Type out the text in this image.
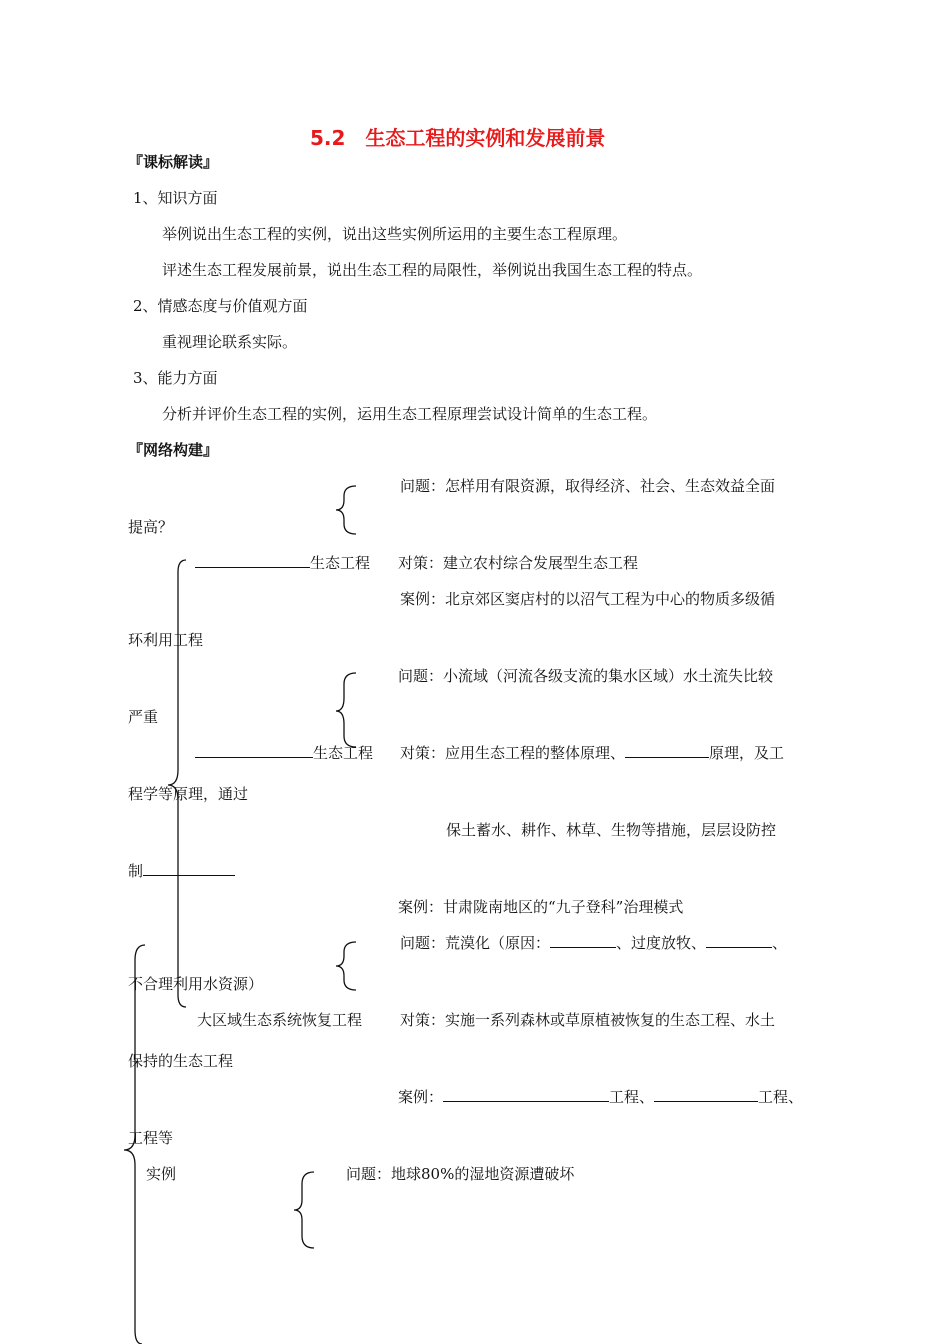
5.2　生态工程的实例和发展前景
『课标解读』
1、知识方面
举例说出生态工程的实例，说出这些实例所运用的主要生态工程原理。
评述生态工程发展前景，说出生态工程的局限性，举例说出我国生态工程的特点。
2、情感态度与价值观方面
重视理论联系实际。
3、能力方面
分析并评价生态工程的实例，运用生态工程原理尝试设计简单的生态工程。
『网络构建』
问题：怎样用有限资源，取得经济、社会、生态效益全面
提高？
生态工程 对策：建立农村综合发展型生态工程
案例：北京郊区窦店村的以沼气工程为中心的物质多级循
环利用工程
问题：小流域（河流各级支流的集水区域）水土流失比较
严重
生态工程 对策：应用生态工程的整体原理、	原理，及工
程学等原理，通过
保土蓄水、耕作、林草、生物等措施，层层设防控
制
案例：甘肃陇南地区的“九子登科”治理模式
问题：荒漠化（原因：	、过度放牧、	、
不合理利用水资源）
大区域生态系统恢复工程	对策：实施一系列森林或草原植被恢复的生态工程、水土
保持的生态工程
案例：	工程、	工程、
工程等
实例	问题：地球80%的湿地资源遭破坏
